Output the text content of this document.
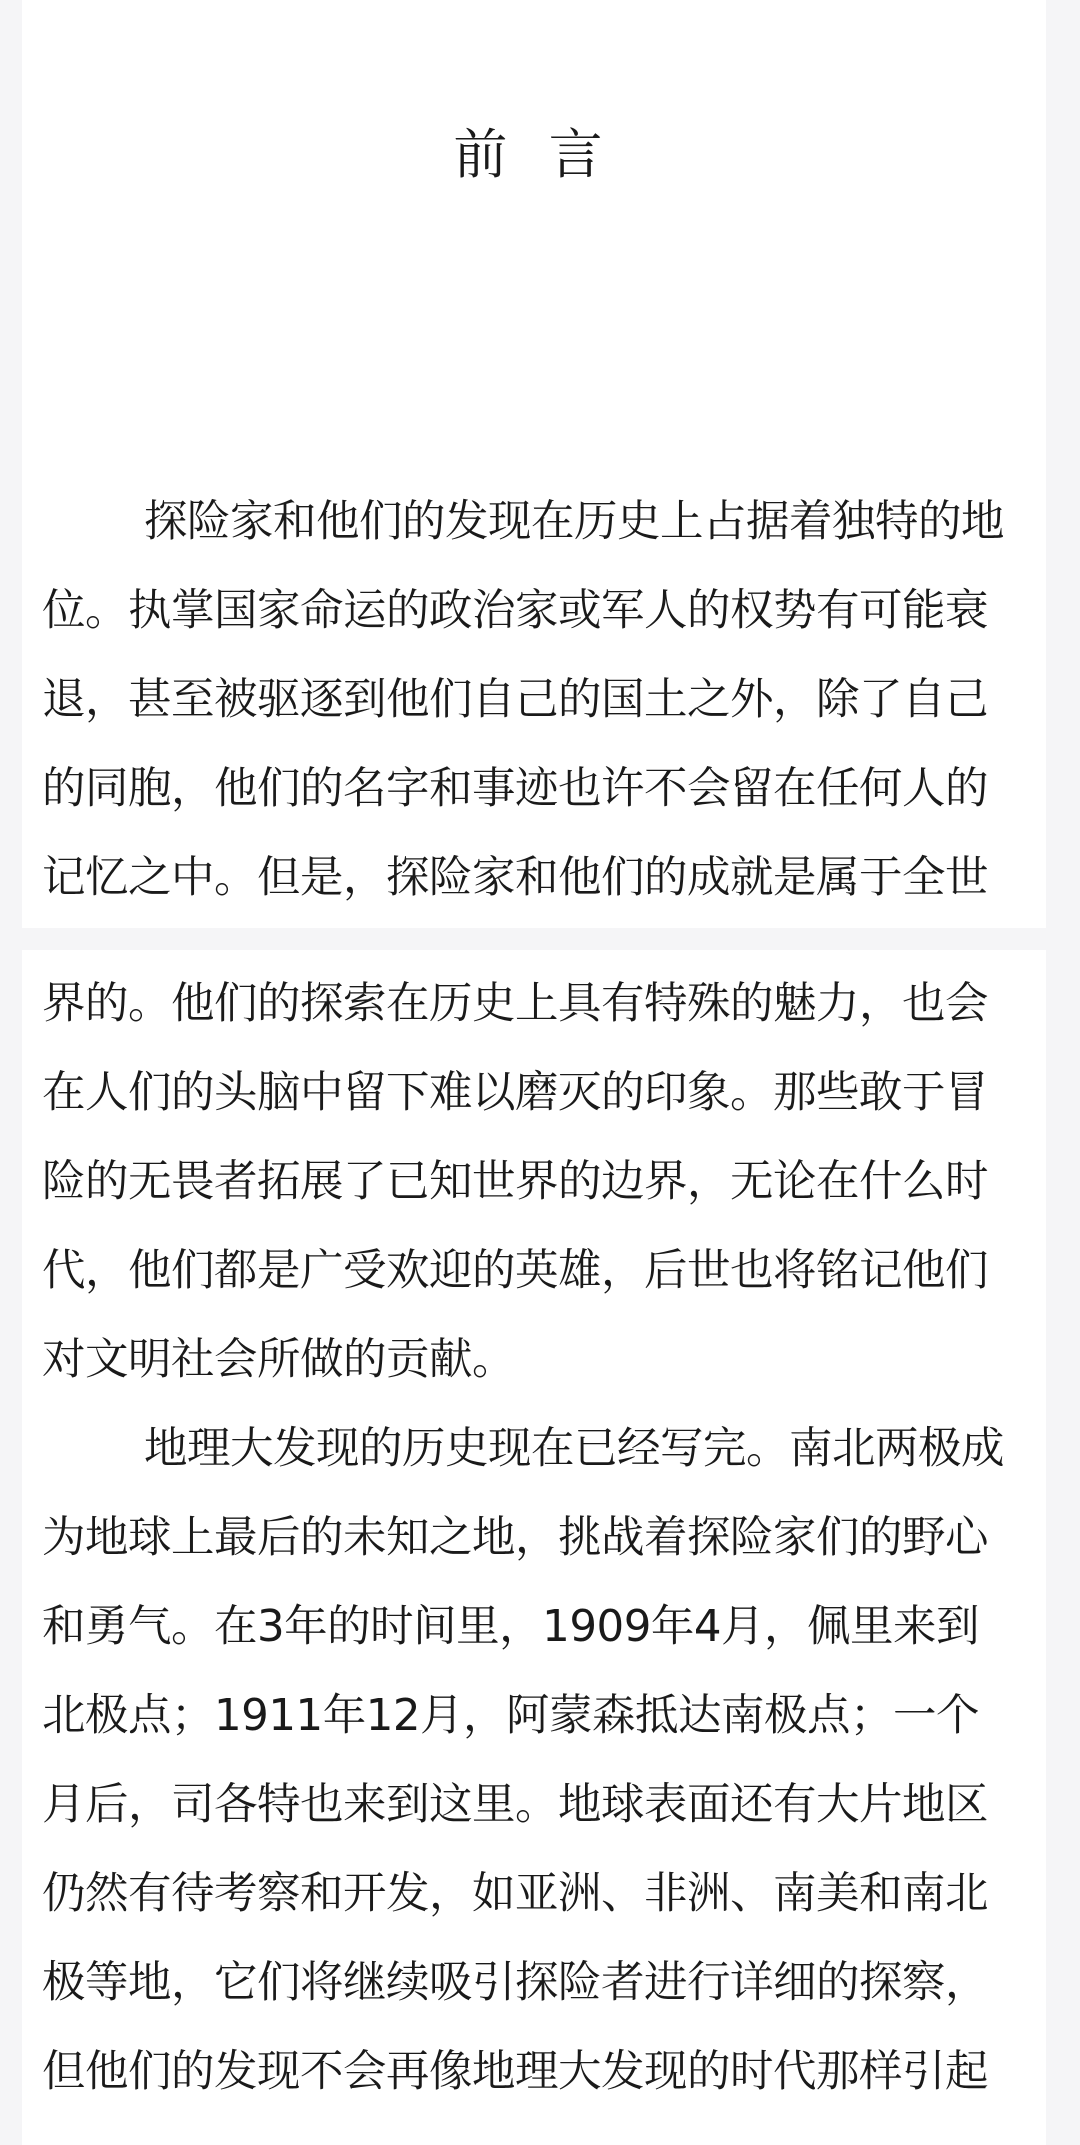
前 言
探险家和他们的发现在历史上占据着独特的地
位。执掌国家命运的政治家或军人的权势有可能衰
退，甚至被驱逐到他们自己的国土之外，除了自己
的同胞，他们的名字和事迹也许不会留在任何人的
记忆之中。但是，探险家和他们的成就是属于全世
界的。他们的探索在历史上具有特殊的魅力，也会
在人们的头脑中留下难以磨灭的印象。那些敢于冒
险的无畏者拓展了已知世界的边界，无论在什么时
代，他们都是广受欢迎的英雄，后世也将铭记他们
对文明社会所做的贡献。
地理大发现的历史现在已经写完。南北两极成
为地球上最后的未知之地，挑战着探险家们的野心
和勇气。在3年的时间里，1909年4月，佩里来到
北极点；1911年12月，阿蒙森抵达南极点；一个
月后，司各特也来到这里。地球表面还有大片地区
仍然有待考察和开发，如亚洲、非洲、南美和南北
极等地，它们将继续吸引探险者进行详细的探察，
但他们的发现不会再像地理大发现的时代那样引起
